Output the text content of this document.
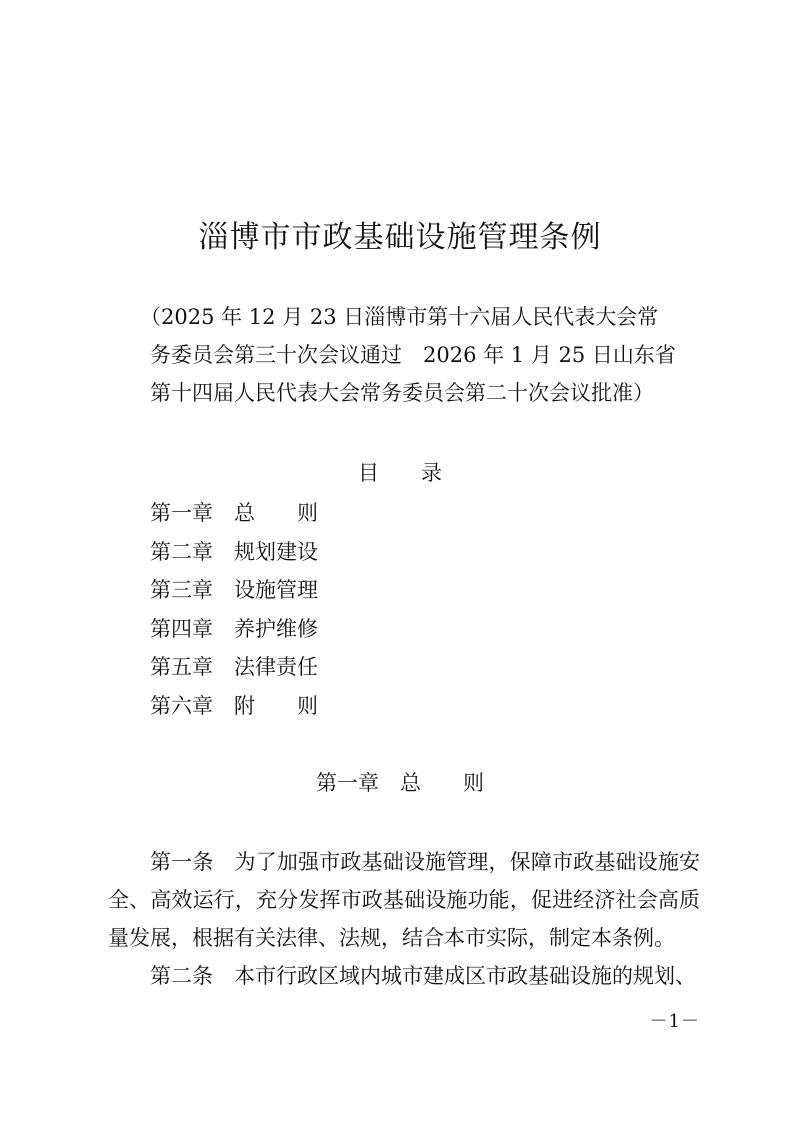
淄博市市政基础设施管理条例
（2025 年 12 月 23 日淄博市第十六届人民代表大会常
务委员会第三十次会议通过　2026 年 1 月 25 日山东省
第十四届人民代表大会常务委员会第二十次会议批准）
目　　录
第一章 总　　则
第二章 规划建设
第三章 设施管理
第四章 养护维修
第五章 法律责任
第六章 附　　则
第一章　总　　则

第一条 为了加强市政基础设施管理，保障市政基础设施安全、高效运行，充分发挥市政基础设施功能，促进经济社会高质量发展，根据有关法律、法规，结合本市实际，制定本条例。

第二条 本市行政区域内城市建成区市政基础设施的规划、

－1－
